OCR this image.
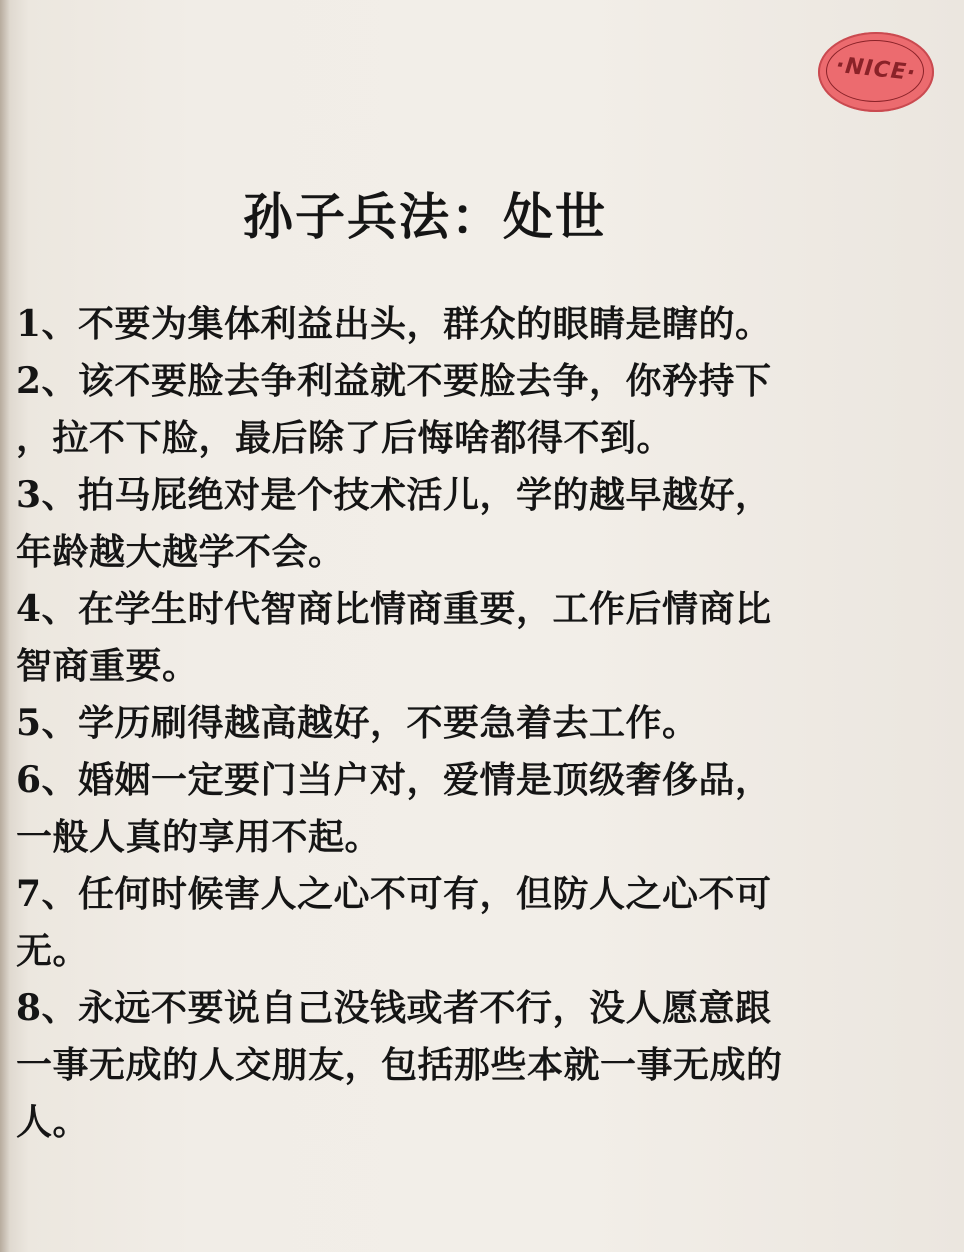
·NICE·
孙子兵法：处世
1、不要为集体利益出头，群众的眼睛是瞎的。
2、该不要脸去争利益就不要脸去争，你矜持下
，拉不下脸，最后除了后悔啥都得不到。
3、拍马屁绝对是个技术活儿，学的越早越好，
年龄越大越学不会。
4、在学生时代智商比情商重要，工作后情商比
智商重要。
5、学历刷得越高越好，不要急着去工作。
6、婚姻一定要门当户对，爱情是顶级奢侈品，
一般人真的享用不起。
7、任何时候害人之心不可有，但防人之心不可
无。
8、永远不要说自己没钱或者不行，没人愿意跟
一事无成的人交朋友，包括那些本就一事无成的
人。
